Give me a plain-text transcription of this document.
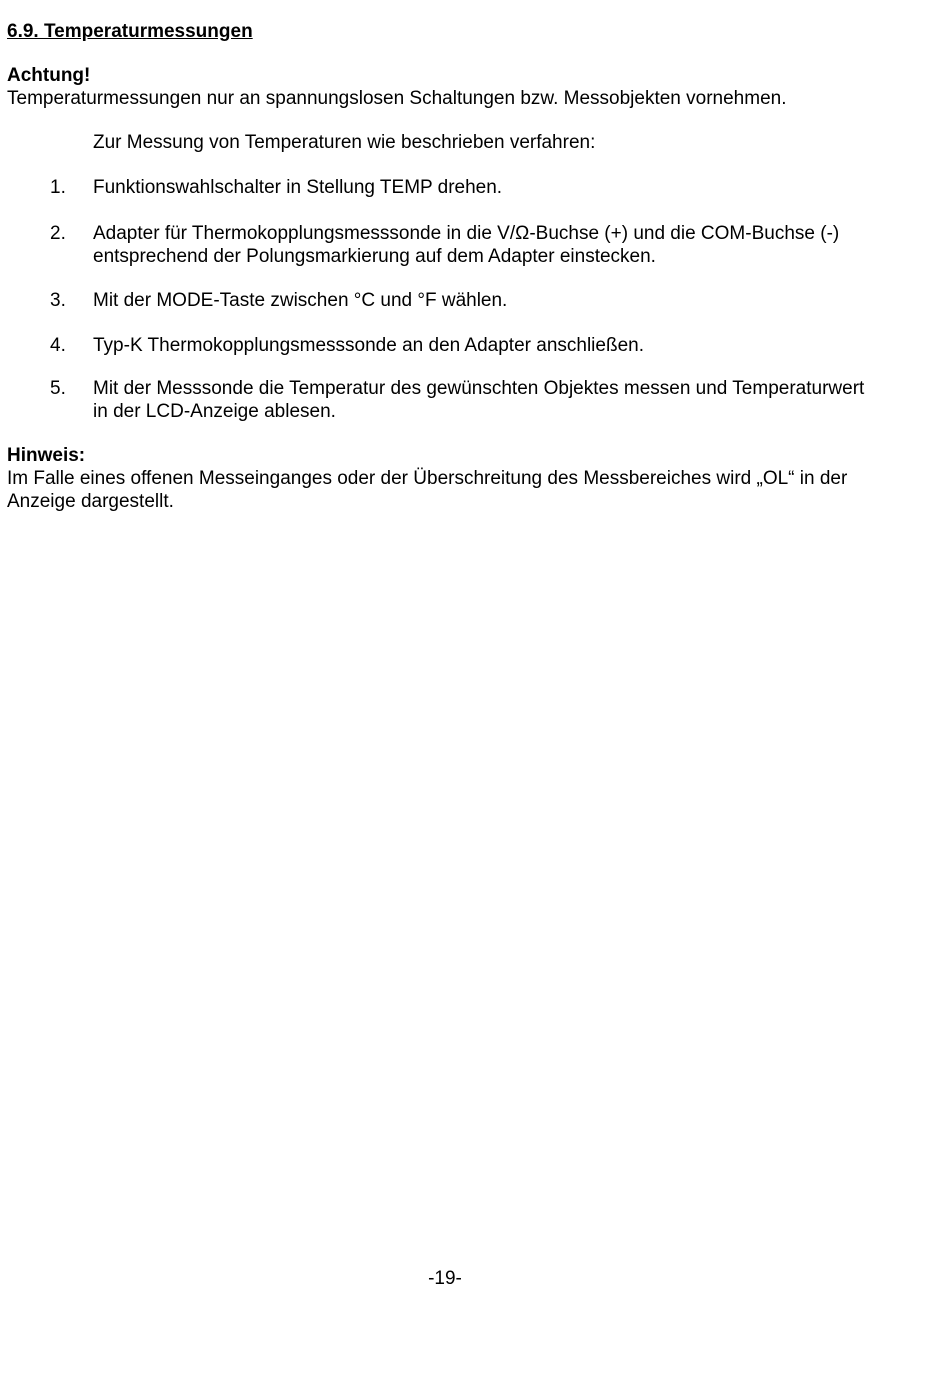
6.9. Temperaturmessungen
Achtung!
Temperaturmessungen nur an spannungslosen Schaltungen bzw. Messobjekten vornehmen.
Zur Messung von Temperaturen wie beschrieben verfahren:
1. Funktionswahlschalter in Stellung TEMP drehen.
2. Adapter für Thermokopplungsmesssonde in die V/Ω-Buchse (+) und die COM-Buchse (-)
entsprechend der Polungsmarkierung auf dem Adapter einstecken.
3. Mit der MODE-Taste zwischen °C und °F wählen.
4. Typ-K Thermokopplungsmesssonde an den Adapter anschließen.
5. Mit der Messsonde die Temperatur des gewünschten Objektes messen und Temperaturwert
in der LCD-Anzeige ablesen.
Hinweis:
Im Falle eines offenen Messeinganges oder der Überschreitung des Messbereiches wird „OL“ in der
Anzeige dargestellt.
-19-
